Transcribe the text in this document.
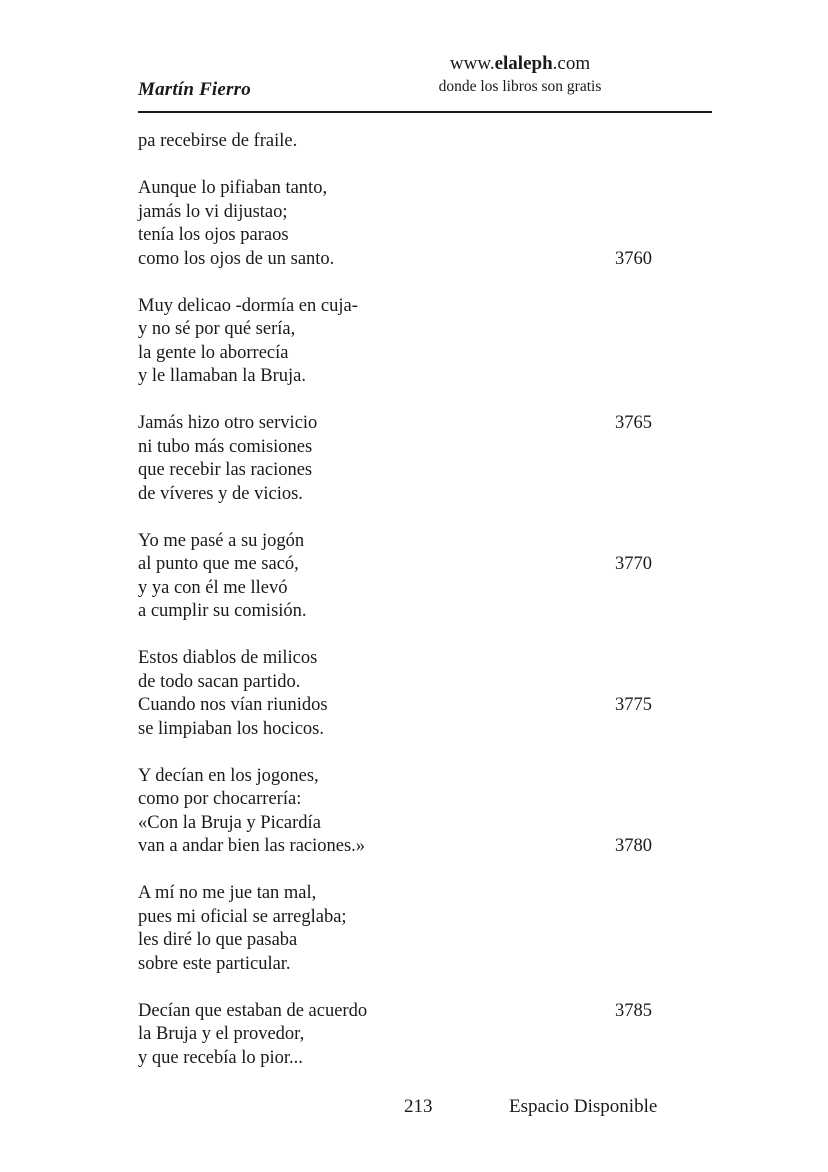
Martín Fierro
www.elaleph.com
donde los libros son gratis
pa recebirse de fraile.
Aunque lo pifiaban tanto,
jamás lo vi dijustao;
tenía los ojos paraos
como los ojos de un santo.	3760
Muy delicao -dormía en cuja-
y no sé por qué sería,
la gente lo aborrecía
y le llamaban la Bruja.
Jamás hizo otro servicio	3765
ni tubo más comisiones
que recebir las raciones
de víveres y de vicios.
Yo me pasé a su jogón
al punto que me sacó,	3770
y ya con él me llevó
a cumplir su comisión.
Estos diablos de milicos
de todo sacan partido.
Cuando nos vían riunidos	3775
se limpiaban los hocicos.
Y decían en los jogones,
como por chocarrería:
«Con la Bruja y Picardía
van a andar bien las raciones.»	3780
A mí no me jue tan mal,
pues mi oficial se arreglaba;
les diré lo que pasaba
sobre este particular.
Decían que estaban de acuerdo	3785
la Bruja y el provedor,
y que recebía lo pior...
213	Espacio Disponible
